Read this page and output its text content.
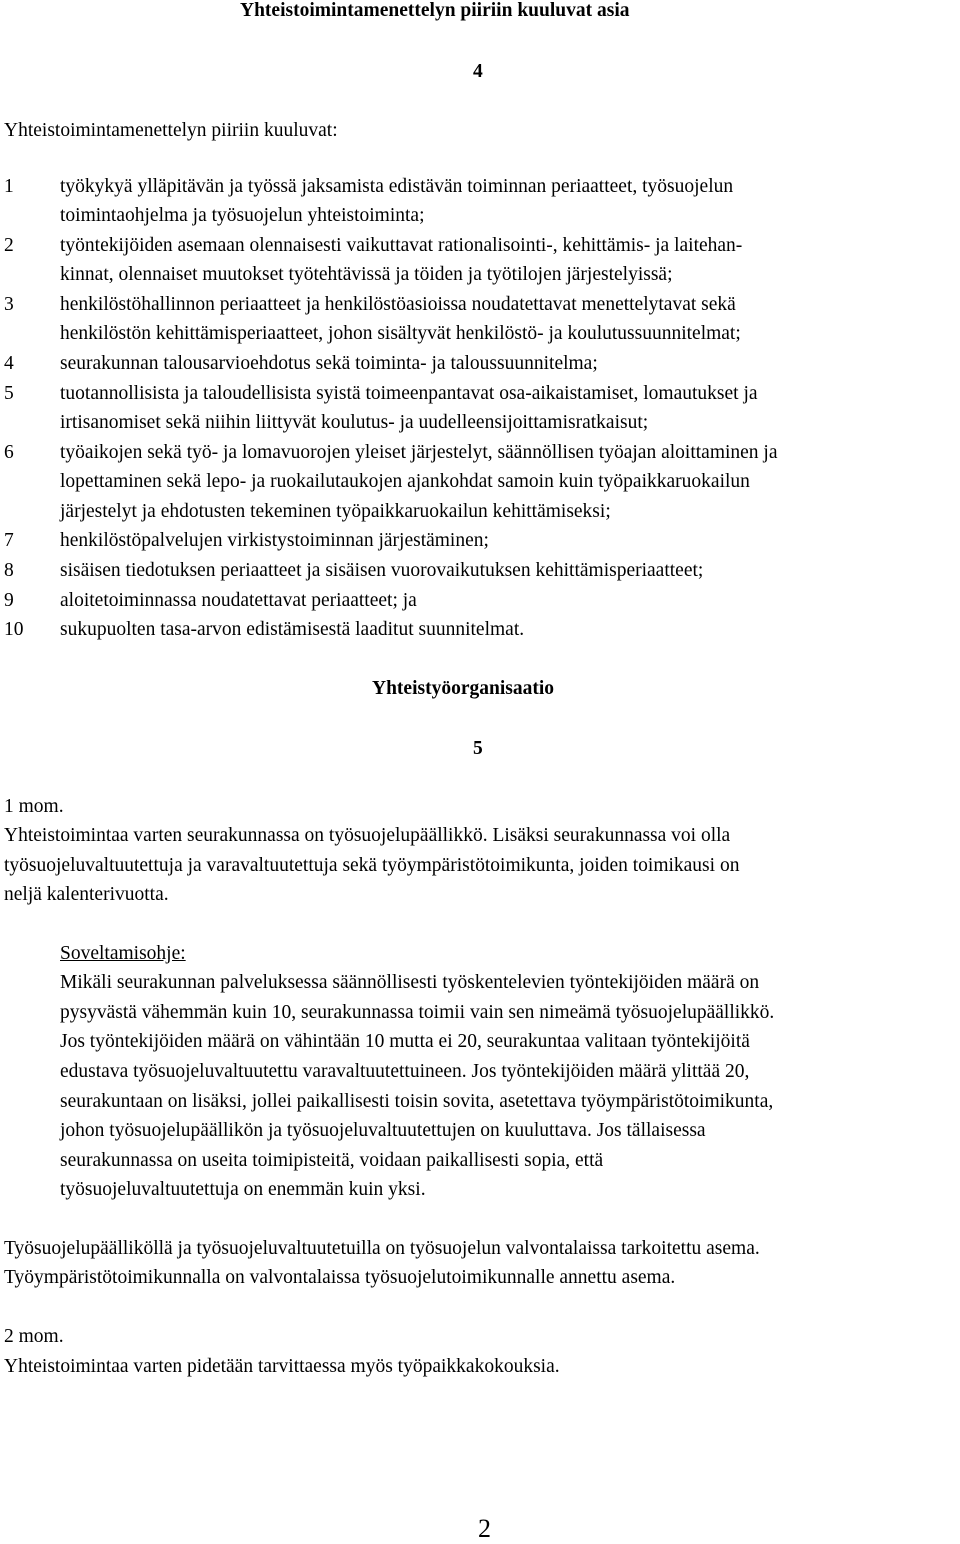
Yhteistoimintamenettelyn piiriin kuuluvat asia
4
Yhteistoimintamenettelyn piiriin kuuluvat:
1 työkykyä ylläpitävän ja työssä jaksamista edistävän toiminnan periaatteet, työsuojelun
toimintaohjelma ja työsuojelun yhteistoiminta;
2 työntekijöiden asemaan olennaisesti vaikuttavat rationalisointi-, kehittämis- ja laitehan-
kinnat, olennaiset muutokset työtehtävissä ja töiden ja työtilojen järjestelyissä;
3 henkilöstöhallinnon periaatteet ja henkilöstöasioissa noudatettavat menettelytavat sekä
henkilöstön kehittämisperiaatteet, johon sisältyvät henkilöstö- ja koulutussuunnitelmat;
4 seurakunnan talousarvioehdotus sekä toiminta- ja taloussuunnitelma;
5 tuotannollisista ja taloudellisista syistä toimeenpantavat osa-aikaistamiset, lomautukset ja
irtisanomiset sekä niihin liittyvät koulutus- ja uudelleensijoittamisratkaisut;
6 työaikojen sekä työ- ja lomavuorojen yleiset järjestelyt, säännöllisen työajan aloittaminen ja
lopettaminen sekä lepo- ja ruokailutaukojen ajankohdat samoin kuin työpaikkaruokailun
järjestelyt ja ehdotusten tekeminen työpaikkaruokailun kehittämiseksi;
7 henkilöstöpalvelujen virkistystoiminnan järjestäminen;
8 sisäisen tiedotuksen periaatteet ja sisäisen vuorovaikutuksen kehittämisperiaatteet;
9 aloitetoiminnassa noudatettavat periaatteet; ja
10 sukupuolten tasa-arvon edistämisestä laaditut suunnitelmat.
Yhteistyöorganisaatio
5
1 mom.
Yhteistoimintaa varten seurakunnassa on työsuojelupäällikkö. Lisäksi seurakunnassa voi olla
työsuojeluvaltuutettuja ja varavaltuutettuja sekä työympäristötoimikunta, joiden toimikausi on
neljä kalenterivuotta.
Soveltamisohje:
Mikäli seurakunnan palveluksessa säännöllisesti työskentelevien työntekijöiden määrä on
pysyvästä vähemmän kuin 10, seurakunnassa toimii vain sen nimeämä työsuojelupäällikkö.
Jos työntekijöiden määrä on vähintään 10 mutta ei 20, seurakuntaa valitaan työntekijöitä
edustava työsuojeluvaltuutettu varavaltuutettuineen. Jos työntekijöiden määrä ylittää 20,
seurakuntaan on lisäksi, jollei paikallisesti toisin sovita, asetettava työympäristötoimikunta,
johon työsuojelupäällikön ja työsuojeluvaltuutettujen on kuuluttava. Jos tällaisessa
seurakunnassa on useita toimipisteitä, voidaan paikallisesti sopia, että
työsuojeluvaltuutettuja on enemmän kuin yksi.
Työsuojelupäälliköllä ja työsuojeluvaltuutetuilla on työsuojelun valvontalaissa tarkoitettu asema.
Työympäristötoimikunnalla on valvontalaissa työsuojelutoimikunnalle annettu asema.
2 mom.
Yhteistoimintaa varten pidetään tarvittaessa myös työpaikkakokouksia.
2
